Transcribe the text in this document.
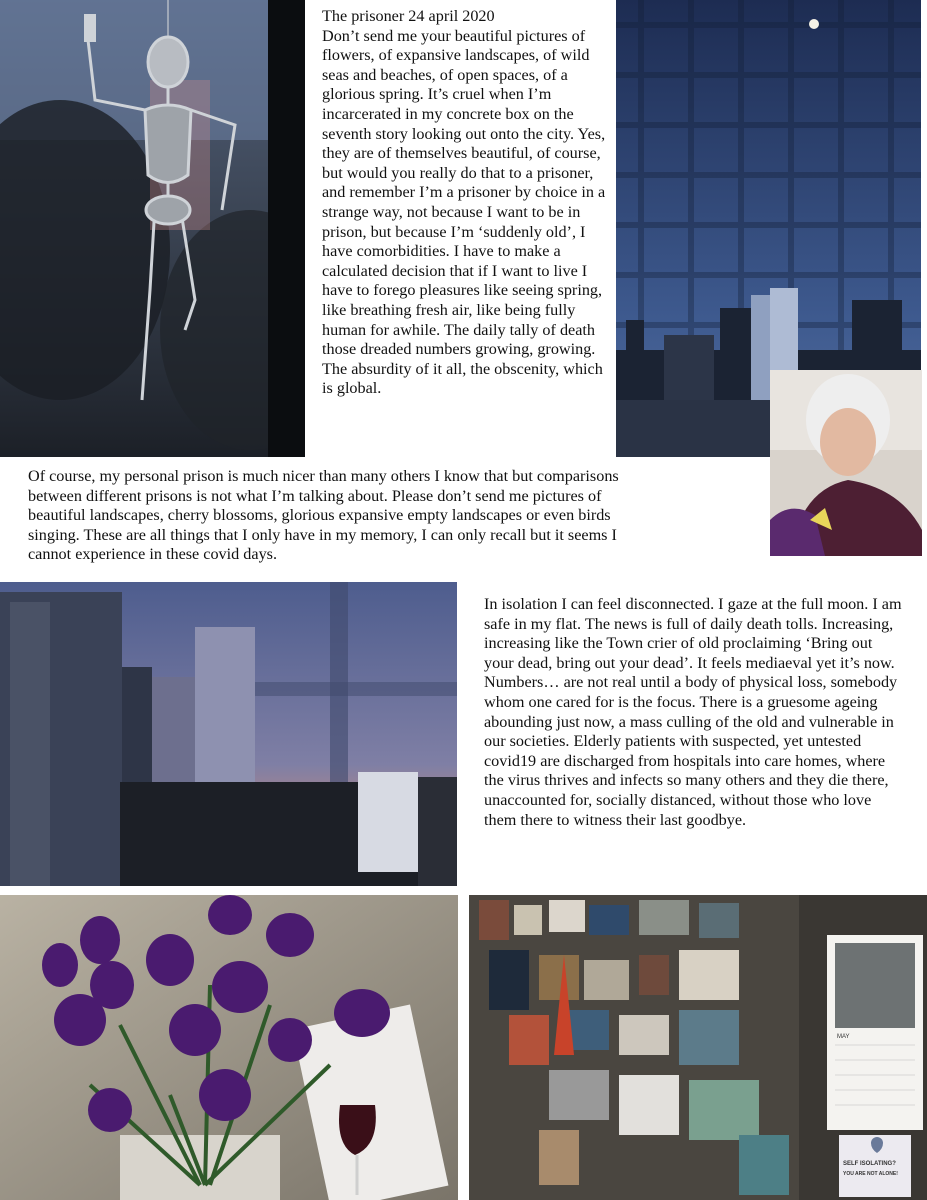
The prisoner 24 april 2020

Don’t send me your beautiful pictures of flowers, of expansive landscapes, of wild seas and beaches, of open spaces, of a glorious spring. It’s cruel when I’m incarcerated in my concrete box on the seventh story looking out onto the city. Yes, they are of themselves beautiful, of course, but would you really do that to a prisoner, and remember I’m a prisoner by choice in a strange way, not because I want to be in prison, but because I’m ‘suddenly old’, I have comorbidities. I have to make a calculated decision that if I want to live I have to forego pleasures like seeing spring, like breathing fresh air, like being fully human for awhile. The daily tally of death those dreaded numbers growing, growing. The absurdity of it all, the obscenity, which is global.

Of course, my personal prison is much nicer than many others I know that but comparisons between different prisons is not what I’m talking about. Please don’t send me pictures of beautiful landscapes, cherry blossoms, glorious expansive empty landscapes or even birds singing. These are all things that I only have in my memory, I can only recall but it seems I cannot experience in these covid days.

In isolation I can feel disconnected. I gaze at the full moon. I am safe in my flat. The news is full of daily death tolls. Increasing, increasing like the Town crier of old proclaiming ‘Bring out your dead, bring out your dead’. It feels mediaeval yet it’s now. Numbers… are not real until a body of physical loss, somebody whom one cared for is the focus. There is a gruesome ageing abounding just now, a mass culling of the old and vulnerable in our societies. Elderly patients with suspected, yet untested covid19 are discharged from hospitals into care homes, where the virus thrives and infects so many others and they die there, unaccounted for, socially distanced, without those who love them there to witness their last goodbye.

MAY
SELF ISOLATING?
YOU ARE NOT ALONE!
